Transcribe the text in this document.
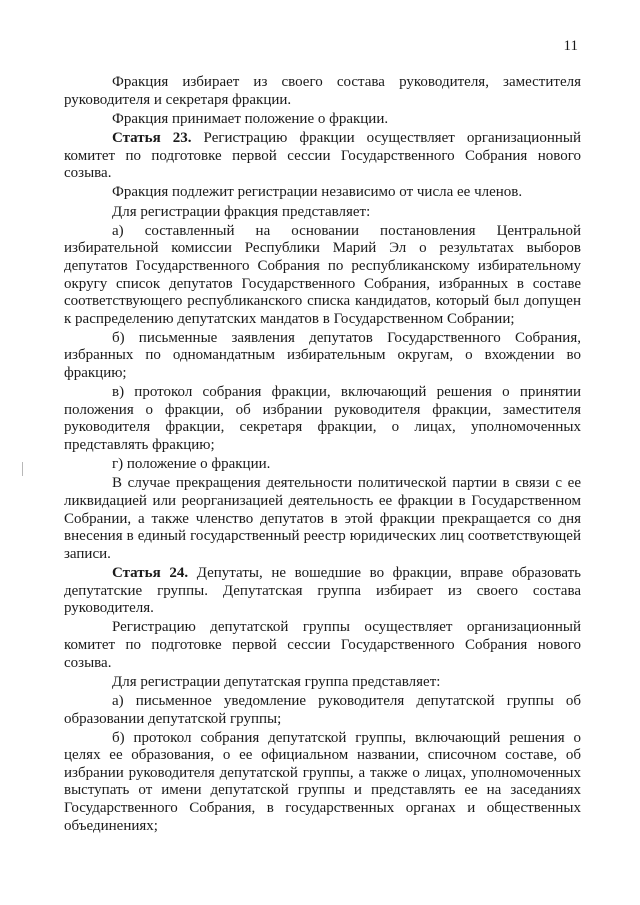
11

Фракция избирает из своего состава руководителя, заместителя руководителя и секретаря фракции.

Фракция принимает положение о фракции.

Статья 23. Регистрацию фракции осуществляет организационный комитет по подготовке первой сессии Государственного Собрания нового созыва.

Фракция подлежит регистрации независимо от числа ее членов.

Для регистрации фракция представляет:

а) составленный на основании постановления Центральной избирательной комиссии Республики Марий Эл о результатах выборов депутатов Государственного Собрания по республиканскому избирательному округу список депутатов Государственного Собрания, избранных в составе соответствующего республиканского списка кандидатов, который был допущен к распределению депутатских мандатов в Государственном Собрании;

б) письменные заявления депутатов Государственного Собрания, избранных по одномандатным избирательным округам, о вхождении во фракцию;

в) протокол собрания фракции, включающий решения о принятии положения о фракции, об избрании руководителя фракции, заместителя руководителя фракции, секретаря фракции, о лицах, уполномоченных представлять фракцию;

г) положение о фракции.

В случае прекращения деятельности политической партии в связи с ее ликвидацией или реорганизацией деятельность ее фракции в Государственном Собрании, а также членство депутатов в этой фракции прекращается со дня внесения в единый государственный реестр юридических лиц соответствующей записи.

Статья 24. Депутаты, не вошедшие во фракции, вправе образовать депутатские группы. Депутатская группа избирает из своего состава руководителя.

Регистрацию депутатской группы осуществляет организационный комитет по подготовке первой сессии Государственного Собрания нового созыва.

Для регистрации депутатская группа представляет:

а) письменное уведомление руководителя депутатской группы об образовании депутатской группы;

б) протокол собрания депутатской группы, включающий решения о целях ее образования, о ее официальном названии, списочном составе, об избрании руководителя депутатской группы, а также о лицах, уполномоченных выступать от имени депутатской группы и представлять ее на заседаниях Государственного Собрания, в государственных органах и общественных объединениях;
